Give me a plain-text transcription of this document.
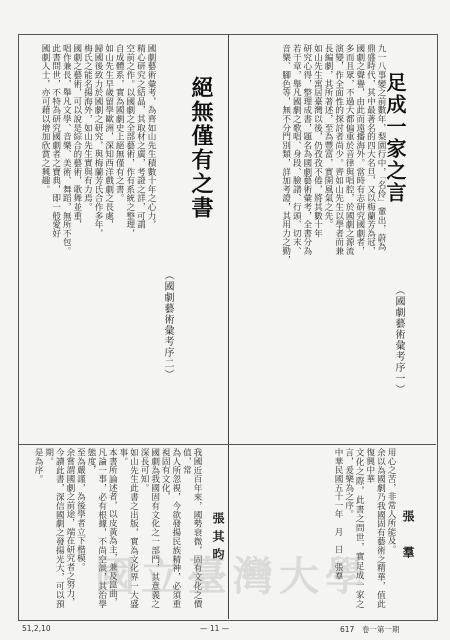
足成一家之言
（國劇藝術彙考序一）
九一八事變之前數年，梨園行中，「名伶」輩出，蔚為
鼎盛時代，其中最著名的四大名旦，又以梅蘭芳為冠，
國劇之聲譽，由此而遠播海外。當時有志研究國劇者，
多而且眾，不過大都偏重於音律與唱腔，於國劇之源流
演變，作全面性的探討者尚少。齊如山先生以學者而兼
長編劇，其所著述，至為豐富，實開風氣之先。
如山先生寓居臺灣以後，仍孜孜不倦，將其數十年
研究心得，整理成書，題名為國劇藝術彙考，全書分為
若干章，舉凡國劇之歌唱、身段、臉譜、行頭、切末、
音樂、腳色等，無不分門別類，詳加考證，其用力之勤，
張　羣
用心之苦，非常人所能及。
余以為國劇乃我國固有藝術之精華，值此復興中華
文化之際，此書之問世，實足成一家之言，爰樂為之序。
中華民國五十一年　月　日　張羣
絕無僅有之書
（國劇藝術彙考序二）
張其昀
國劇藝術彙考，為齊如山先生積數十年之心力，
精心研究之結晶，其取材之廣，考證之詳，可謂
空前之作。以國劇之全部藝術，作有系統之整理，
自成體系，實為國劇史上絕無僅有之書。
如山先生早歲留學歐洲，深知西洋戲劇之長處，
歸國後致力於國劇之研究，與梅蘭芳氏合作多年，
梅氏之能名揚海外，如山先生實與有力焉。
國劇之藝術，可以說是綜合的藝術，歌舞並重，
唱作兼長，舉凡文學、音樂、美術、舞蹈，無所不包。
此書問世，不特為研究國劇者之寶典，即一般愛好
國劇人士，亦可藉以增加欣賞之興趣。
我國近百年來，國勢衰微，固有文化之價值，常
為人所忽視，今欲發揚民族精神，必須重視固有文化，
國劇為我國固有文化之一部門，其意義之深長可知。
如山先生此書之出版，實為文化界一大盛事。
本書所論述者，以皮黃為主，兼及崑曲，
凡論一事，必有根據，不尚空談，其治學態度，
至為嚴謹，為後學者立下楷模。
余嘗謂國劇之前途，端在研究者之努力，
今讀此書，深信國劇之發揚光大，可以預期。
是為序。
國立臺灣大學
51,2,10	— 11 —	617　卷一第一期
